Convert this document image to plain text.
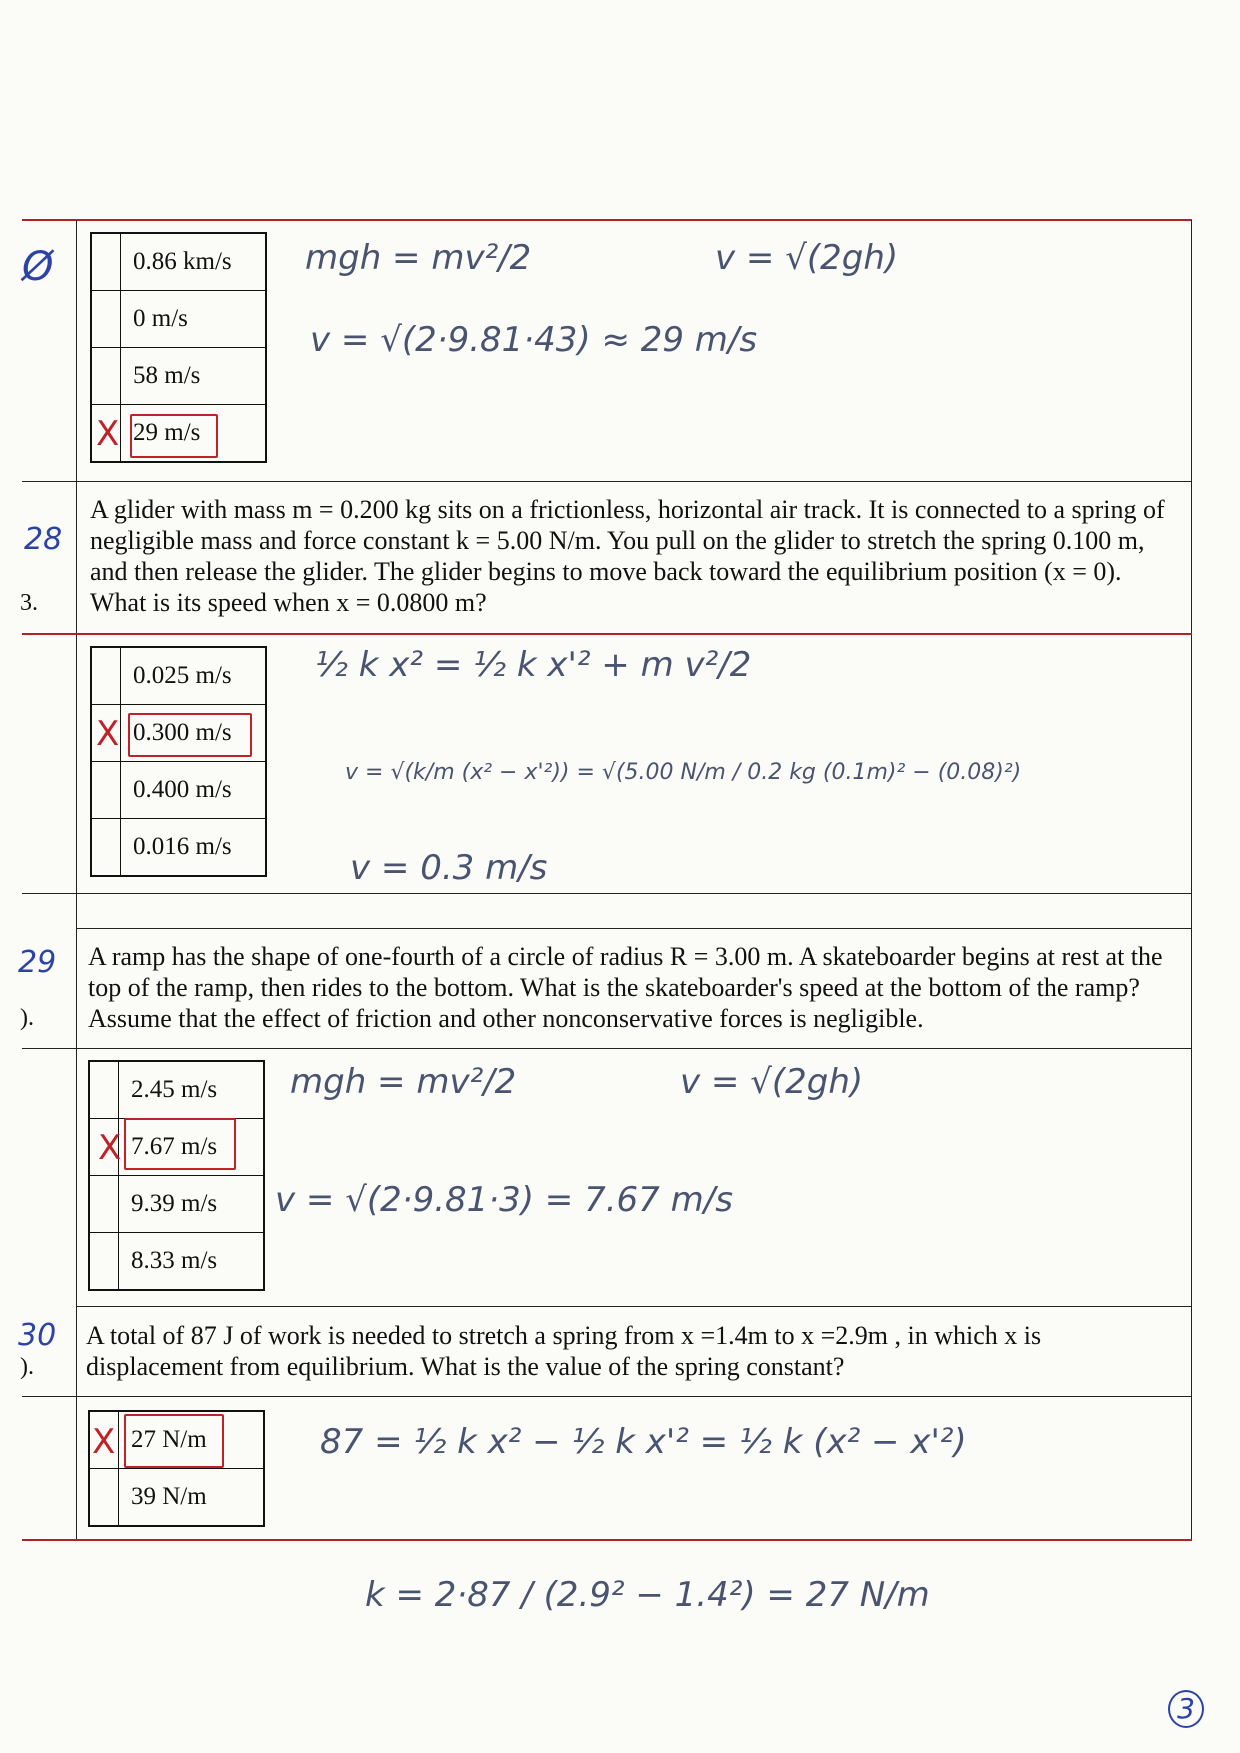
Ø
		0.86 km/s
	0 m/s
	58 m/s
	29 m/s
X
mgh = mv²/2	v = √(2gh)
v = √(2·9.81·43) ≈ 29 m/s
28
3.
A glider with mass m = 0.200 kg sits on a frictionless, horizontal air track. It is connected to a spring of negligible mass and force constant k = 5.00 N/m. You pull on the glider to stretch the spring 0.100 m, and then release the glider. The glider begins to move back toward the equilibrium position (x = 0). What is its speed when x = 0.0800 m?
	0.025 m/s
	0.300 m/s
	0.400 m/s
	0.016 m/s
X
½ k x² = ½ k x'² + m v²/2
v = √(k/m (x² − x'²)) = √(5.00 N/m / 0.2 kg (0.1m)² − (0.08)²)
v = 0.3 m/s
29
).
A ramp has the shape of one-fourth of a circle of radius R = 3.00 m. A skateboarder begins at rest at the top of the ramp, then rides to the bottom. What is the skateboarder's speed at the bottom of the ramp? Assume that the effect of friction and other nonconservative forces is negligible.
	2.45 m/s
	7.67 m/s
	9.39 m/s
	8.33 m/s
X
mgh = mv²/2	v = √(2gh)
v = √(2·9.81·3) = 7.67 m/s
30
).
A total of 87 J of work is needed to stretch a spring from x =1.4m to x =2.9m , in which x is displacement from equilibrium. What is the value of the spring constant?
	27 N/m
	39 N/m
X	87 = ½ k x² − ½ k x'² = ½ k (x² − x'²)
k = 2·87 / (2.9² − 1.4²) = 27 N/m
3
